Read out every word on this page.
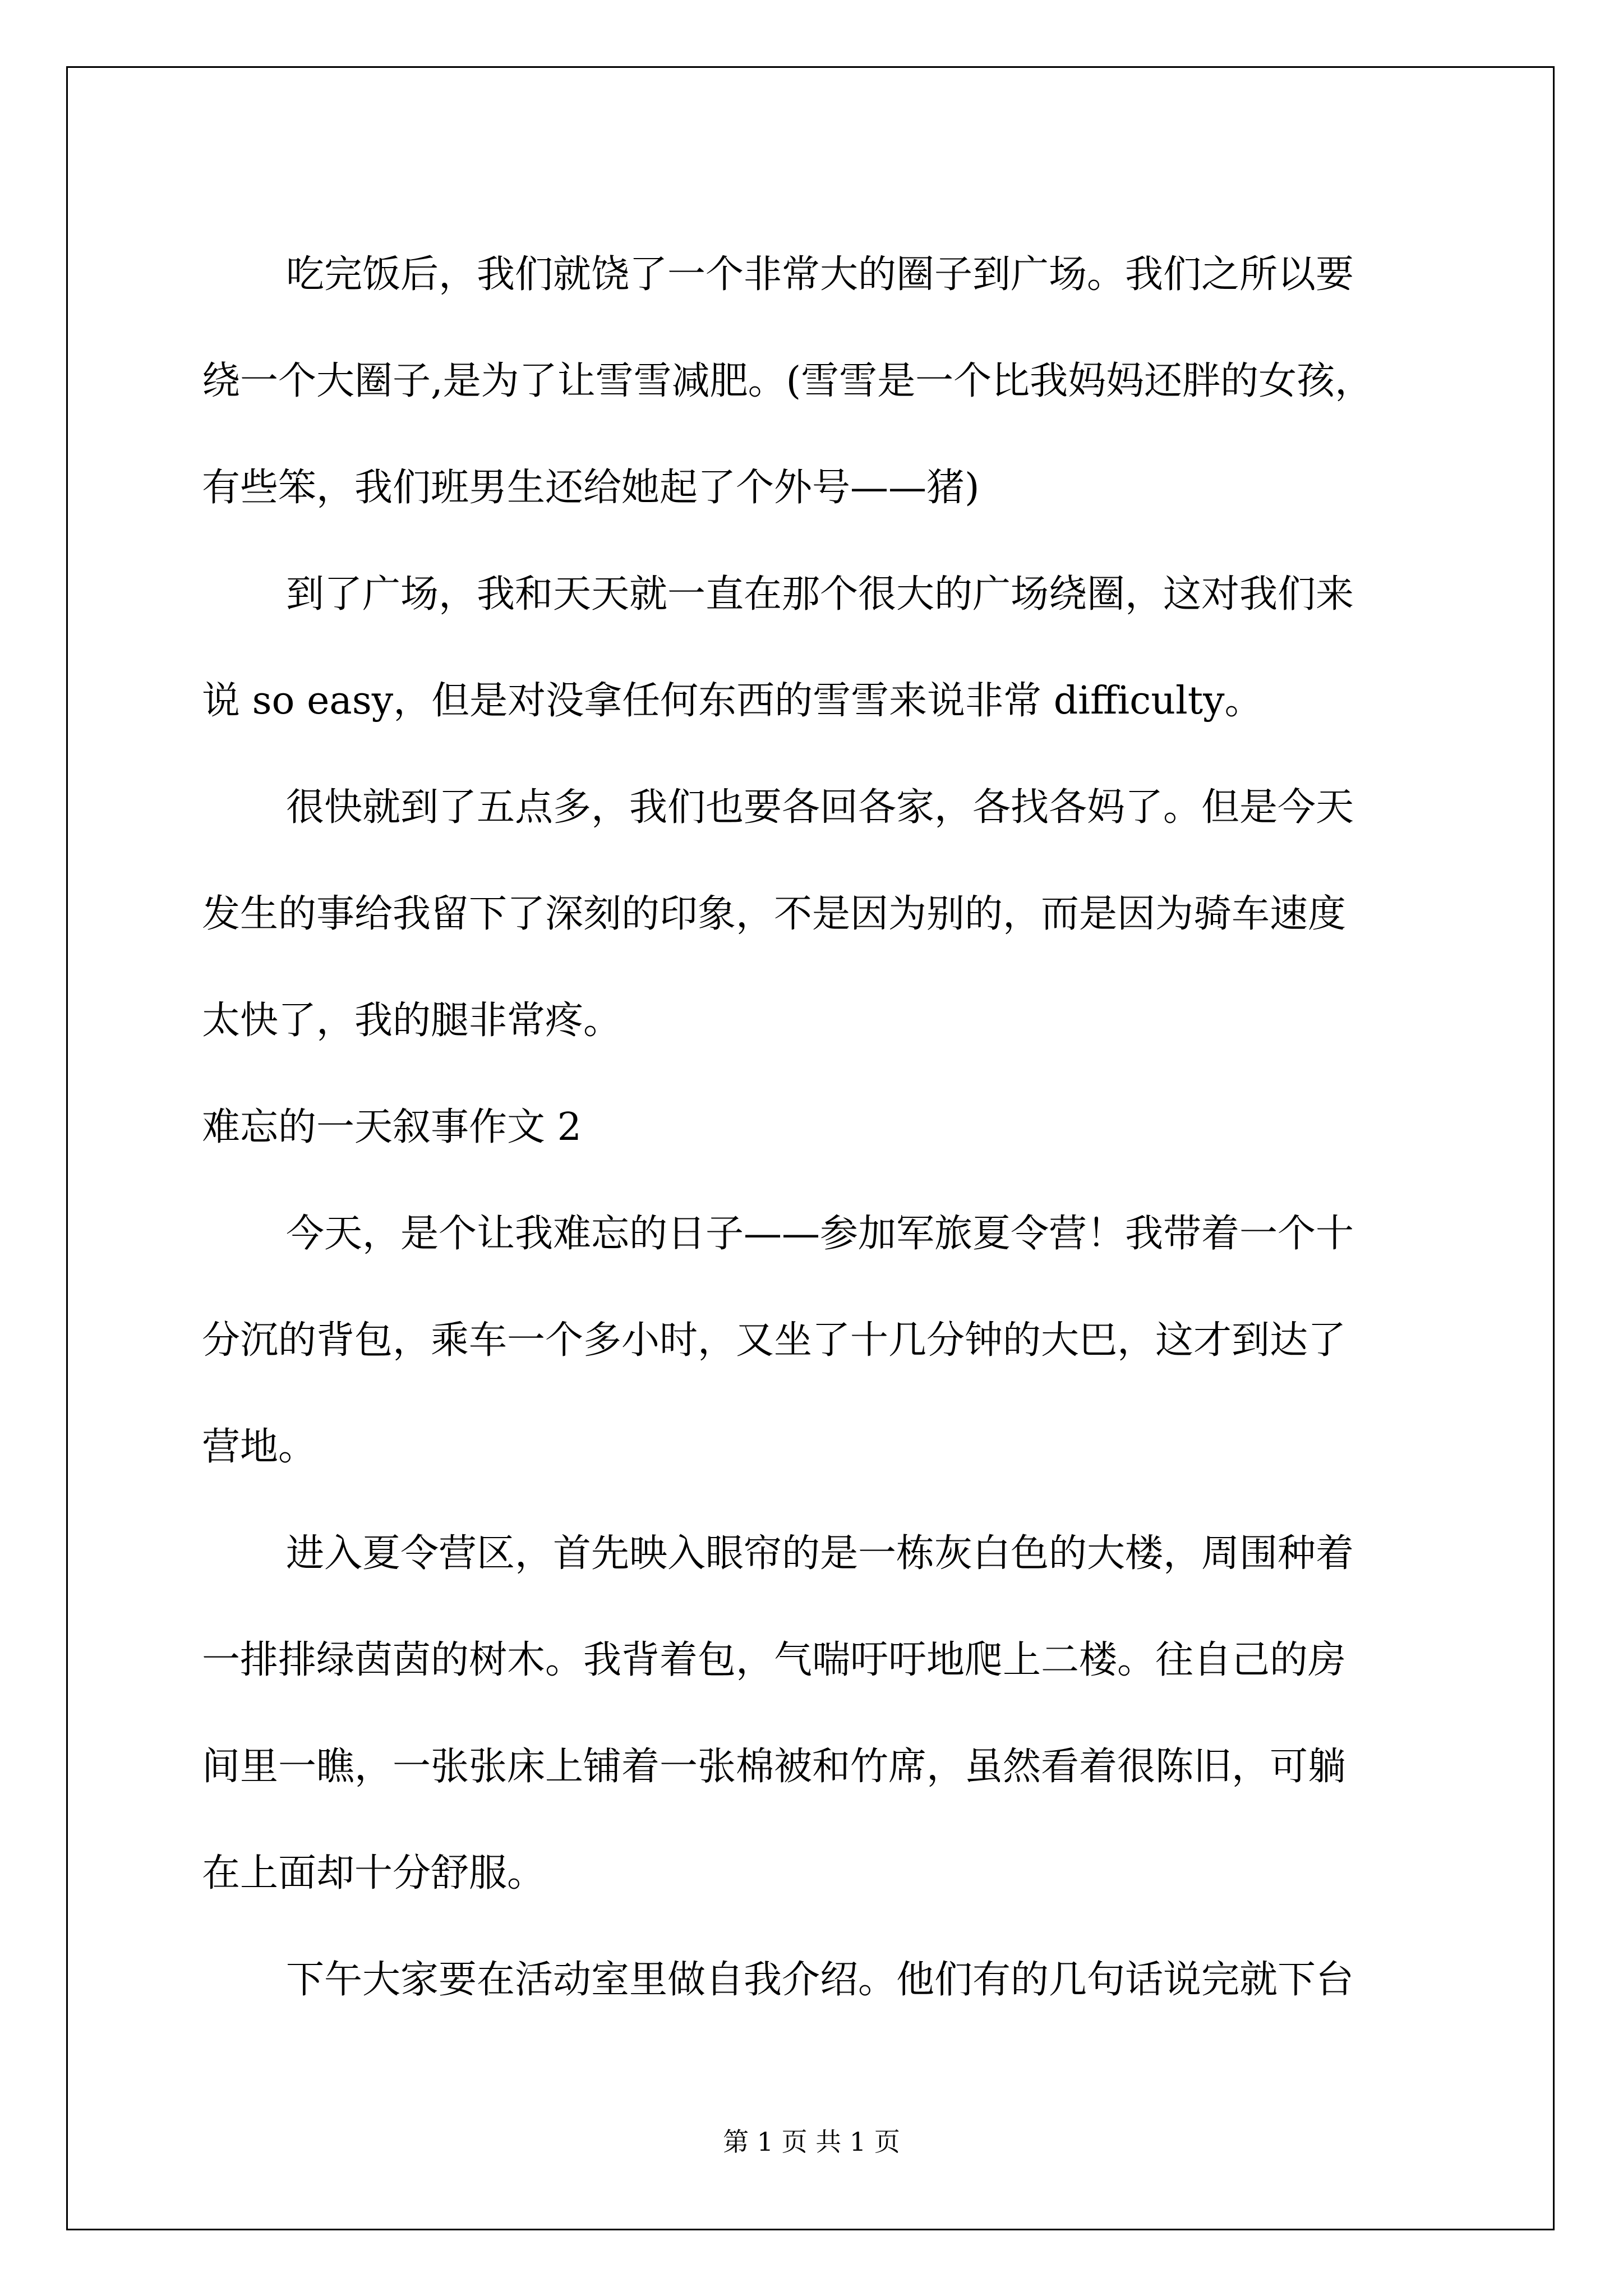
吃完饭后，我们就饶了一个非常大的圈子到广场。我们之所以要
绕一个大圈子,是为了让雪雪减肥。(雪雪是一个比我妈妈还胖的女孩，
有些笨，我们班男生还给她起了个外号——猪)
到了广场，我和天天就一直在那个很大的广场绕圈，这对我们来
说 so easy，但是对没拿任何东西的雪雪来说非常 difficulty。
很快就到了五点多，我们也要各回各家，各找各妈了。但是今天
发生的事给我留下了深刻的印象，不是因为别的，而是因为骑车速度
太快了，我的腿非常疼。
难忘的一天叙事作文 2
今天，是个让我难忘的日子——参加军旅夏令营！我带着一个十
分沉的背包，乘车一个多小时，又坐了十几分钟的大巴，这才到达了
营地。
进入夏令营区，首先映入眼帘的是一栋灰白色的大楼，周围种着
一排排绿茵茵的树木。我背着包，气喘吁吁地爬上二楼。往自己的房
间里一瞧，一张张床上铺着一张棉被和竹席，虽然看着很陈旧，可躺
在上面却十分舒服。
下午大家要在活动室里做自我介绍。他们有的几句话说完就下台
第 1 页 共 1 页
